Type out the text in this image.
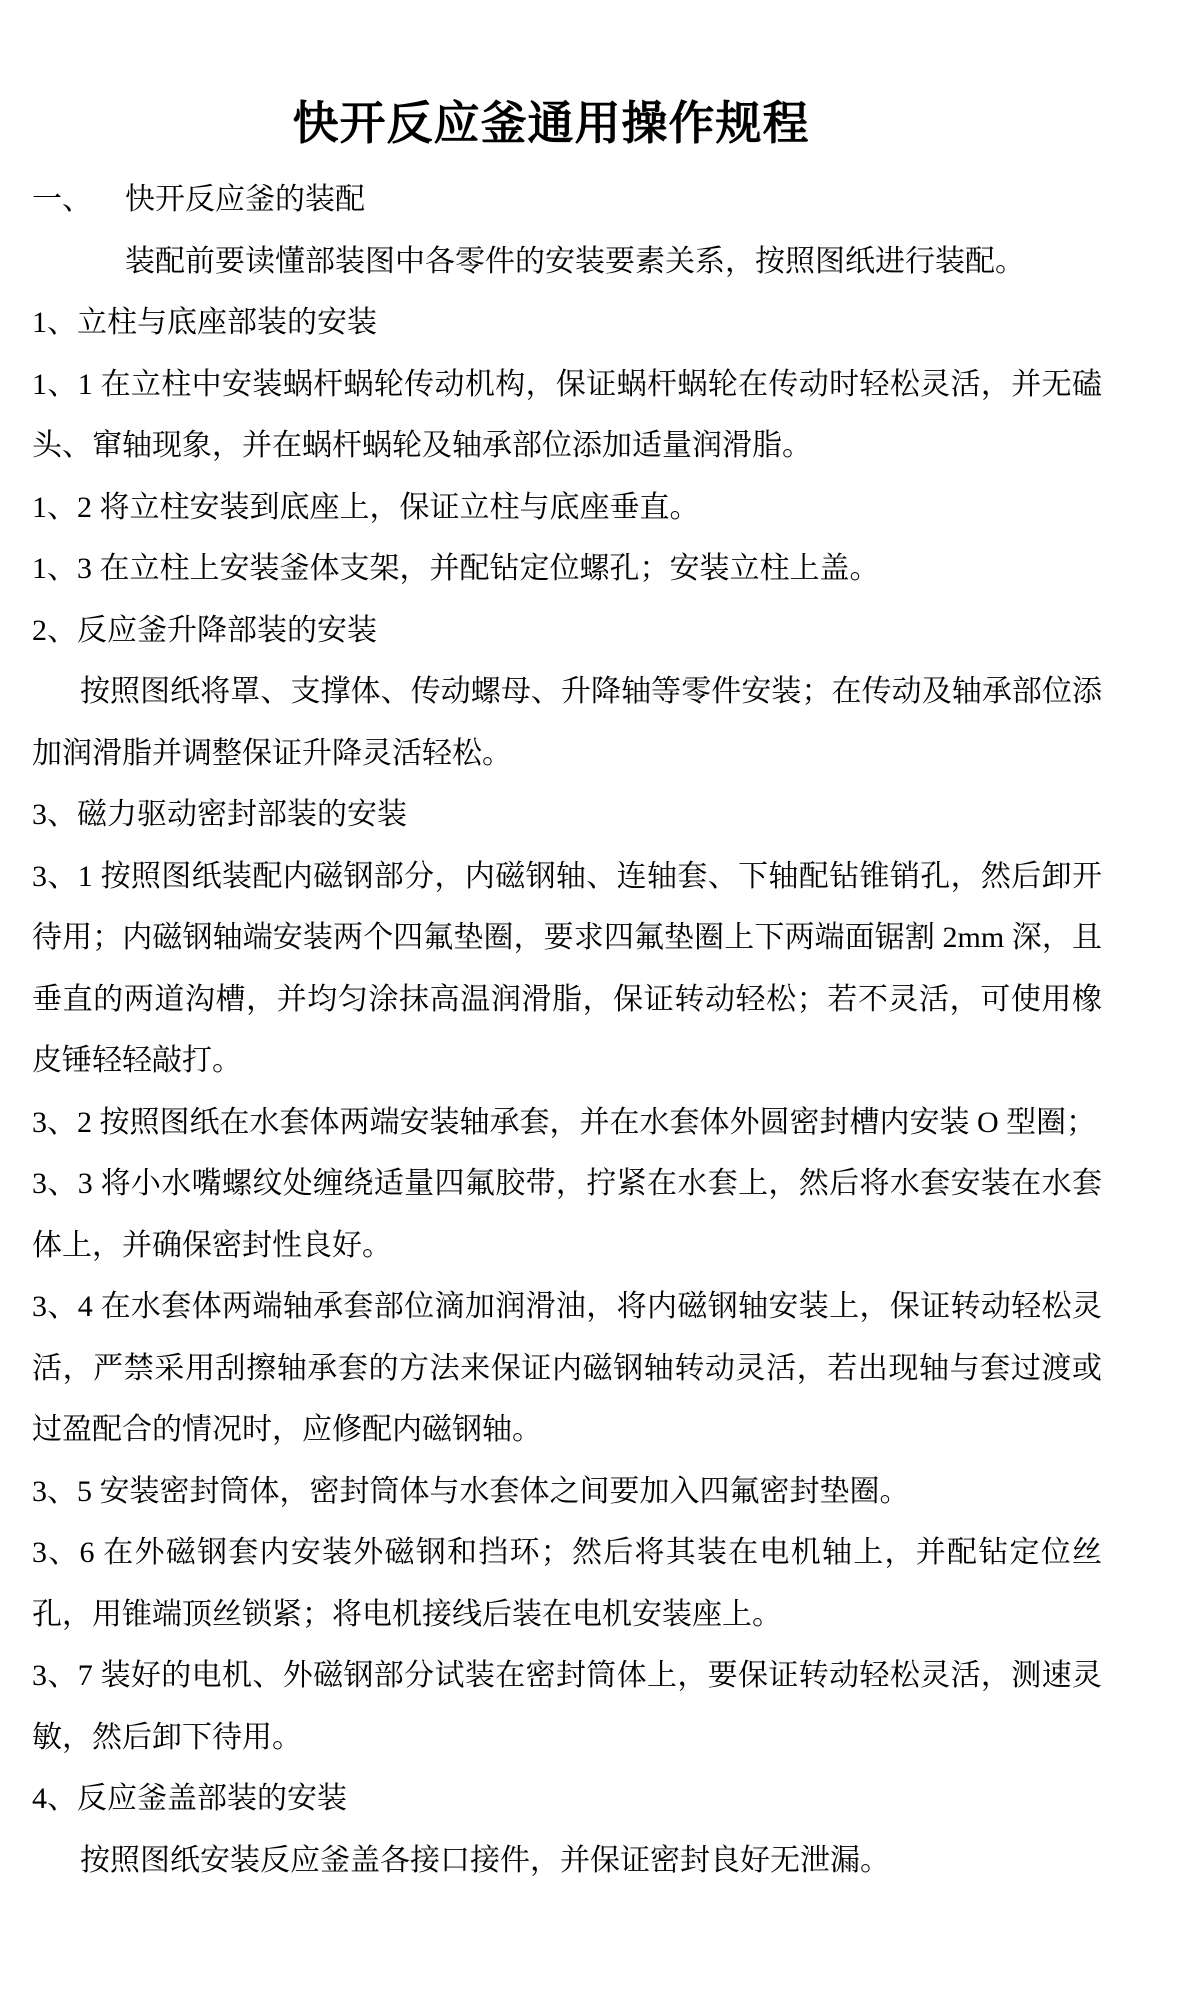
快开反应釜通用操作规程

一、 快开反应釜的装配

装配前要读懂部装图中各零件的安装要素关系，按照图纸进行装配。

1、立柱与底座部装的安装

1、1 在立柱中安装蜗杆蜗轮传动机构，保证蜗杆蜗轮在传动时轻松灵活，并无磕头、窜轴现象，并在蜗杆蜗轮及轴承部位添加适量润滑脂。

1、2 将立柱安装到底座上，保证立柱与底座垂直。

1、3 在立柱上安装釜体支架，并配钻定位螺孔；安装立柱上盖。

2、反应釜升降部装的安装

按照图纸将罩、支撑体、传动螺母、升降轴等零件安装；在传动及轴承部位添加润滑脂并调整保证升降灵活轻松。

3、磁力驱动密封部装的安装

3、1 按照图纸装配内磁钢部分，内磁钢轴、连轴套、下轴配钻锥销孔，然后卸开待用；内磁钢轴端安装两个四氟垫圈，要求四氟垫圈上下两端面锯割 2mm 深，且垂直的两道沟槽，并均匀涂抹高温润滑脂，保证转动轻松；若不灵活，可使用橡皮锤轻轻敲打。

3、2 按照图纸在水套体两端安装轴承套，并在水套体外圆密封槽内安装 O 型圈；

3、3 将小水嘴螺纹处缠绕适量四氟胶带，拧紧在水套上，然后将水套安装在水套体上，并确保密封性良好。

3、4 在水套体两端轴承套部位滴加润滑油，将内磁钢轴安装上，保证转动轻松灵活，严禁采用刮擦轴承套的方法来保证内磁钢轴转动灵活，若出现轴与套过渡或过盈配合的情况时，应修配内磁钢轴。

3、5 安装密封筒体，密封筒体与水套体之间要加入四氟密封垫圈。

3、6 在外磁钢套内安装外磁钢和挡环；然后将其装在电机轴上，并配钻定位丝孔，用锥端顶丝锁紧；将电机接线后装在电机安装座上。

3、7 装好的电机、外磁钢部分试装在密封筒体上，要保证转动轻松灵活，测速灵敏，然后卸下待用。

4、反应釜盖部装的安装

按照图纸安装反应釜盖各接口接件，并保证密封良好无泄漏。
